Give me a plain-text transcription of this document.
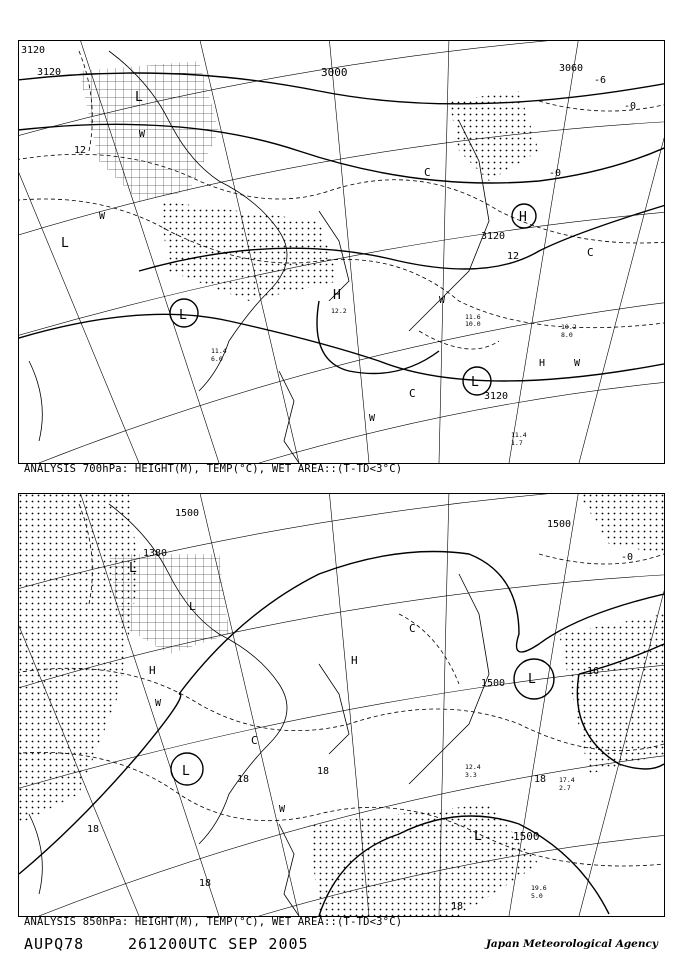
3120
3120	3000	3060
3120
3120
12
12
-0
-0
-6
L
L
L
L
H
H
H
W
W
W
W
C
C
C
W
12.2
11.4
6.0
11.6
10.0
11.4
1.7
10.2
8.0
ANALYSIS 700hPa: HEIGHT(M), TEMP(°C), WET AREA::(T-TD<3°C)
1500
1500
1500
1500
1380
18
18
18
18
18
18
-0
16
L
L
L
L
L
W
W
C
C
H
H
19.6
5.0
17.4
2.7
12.4
3.3
ANALYSIS 850hPa: HEIGHT(M), TEMP(°C), WET AREA::(T-TD<3°C)
AUPQ78	261200UTC SEP 2005	Japan Meteorological Agency
